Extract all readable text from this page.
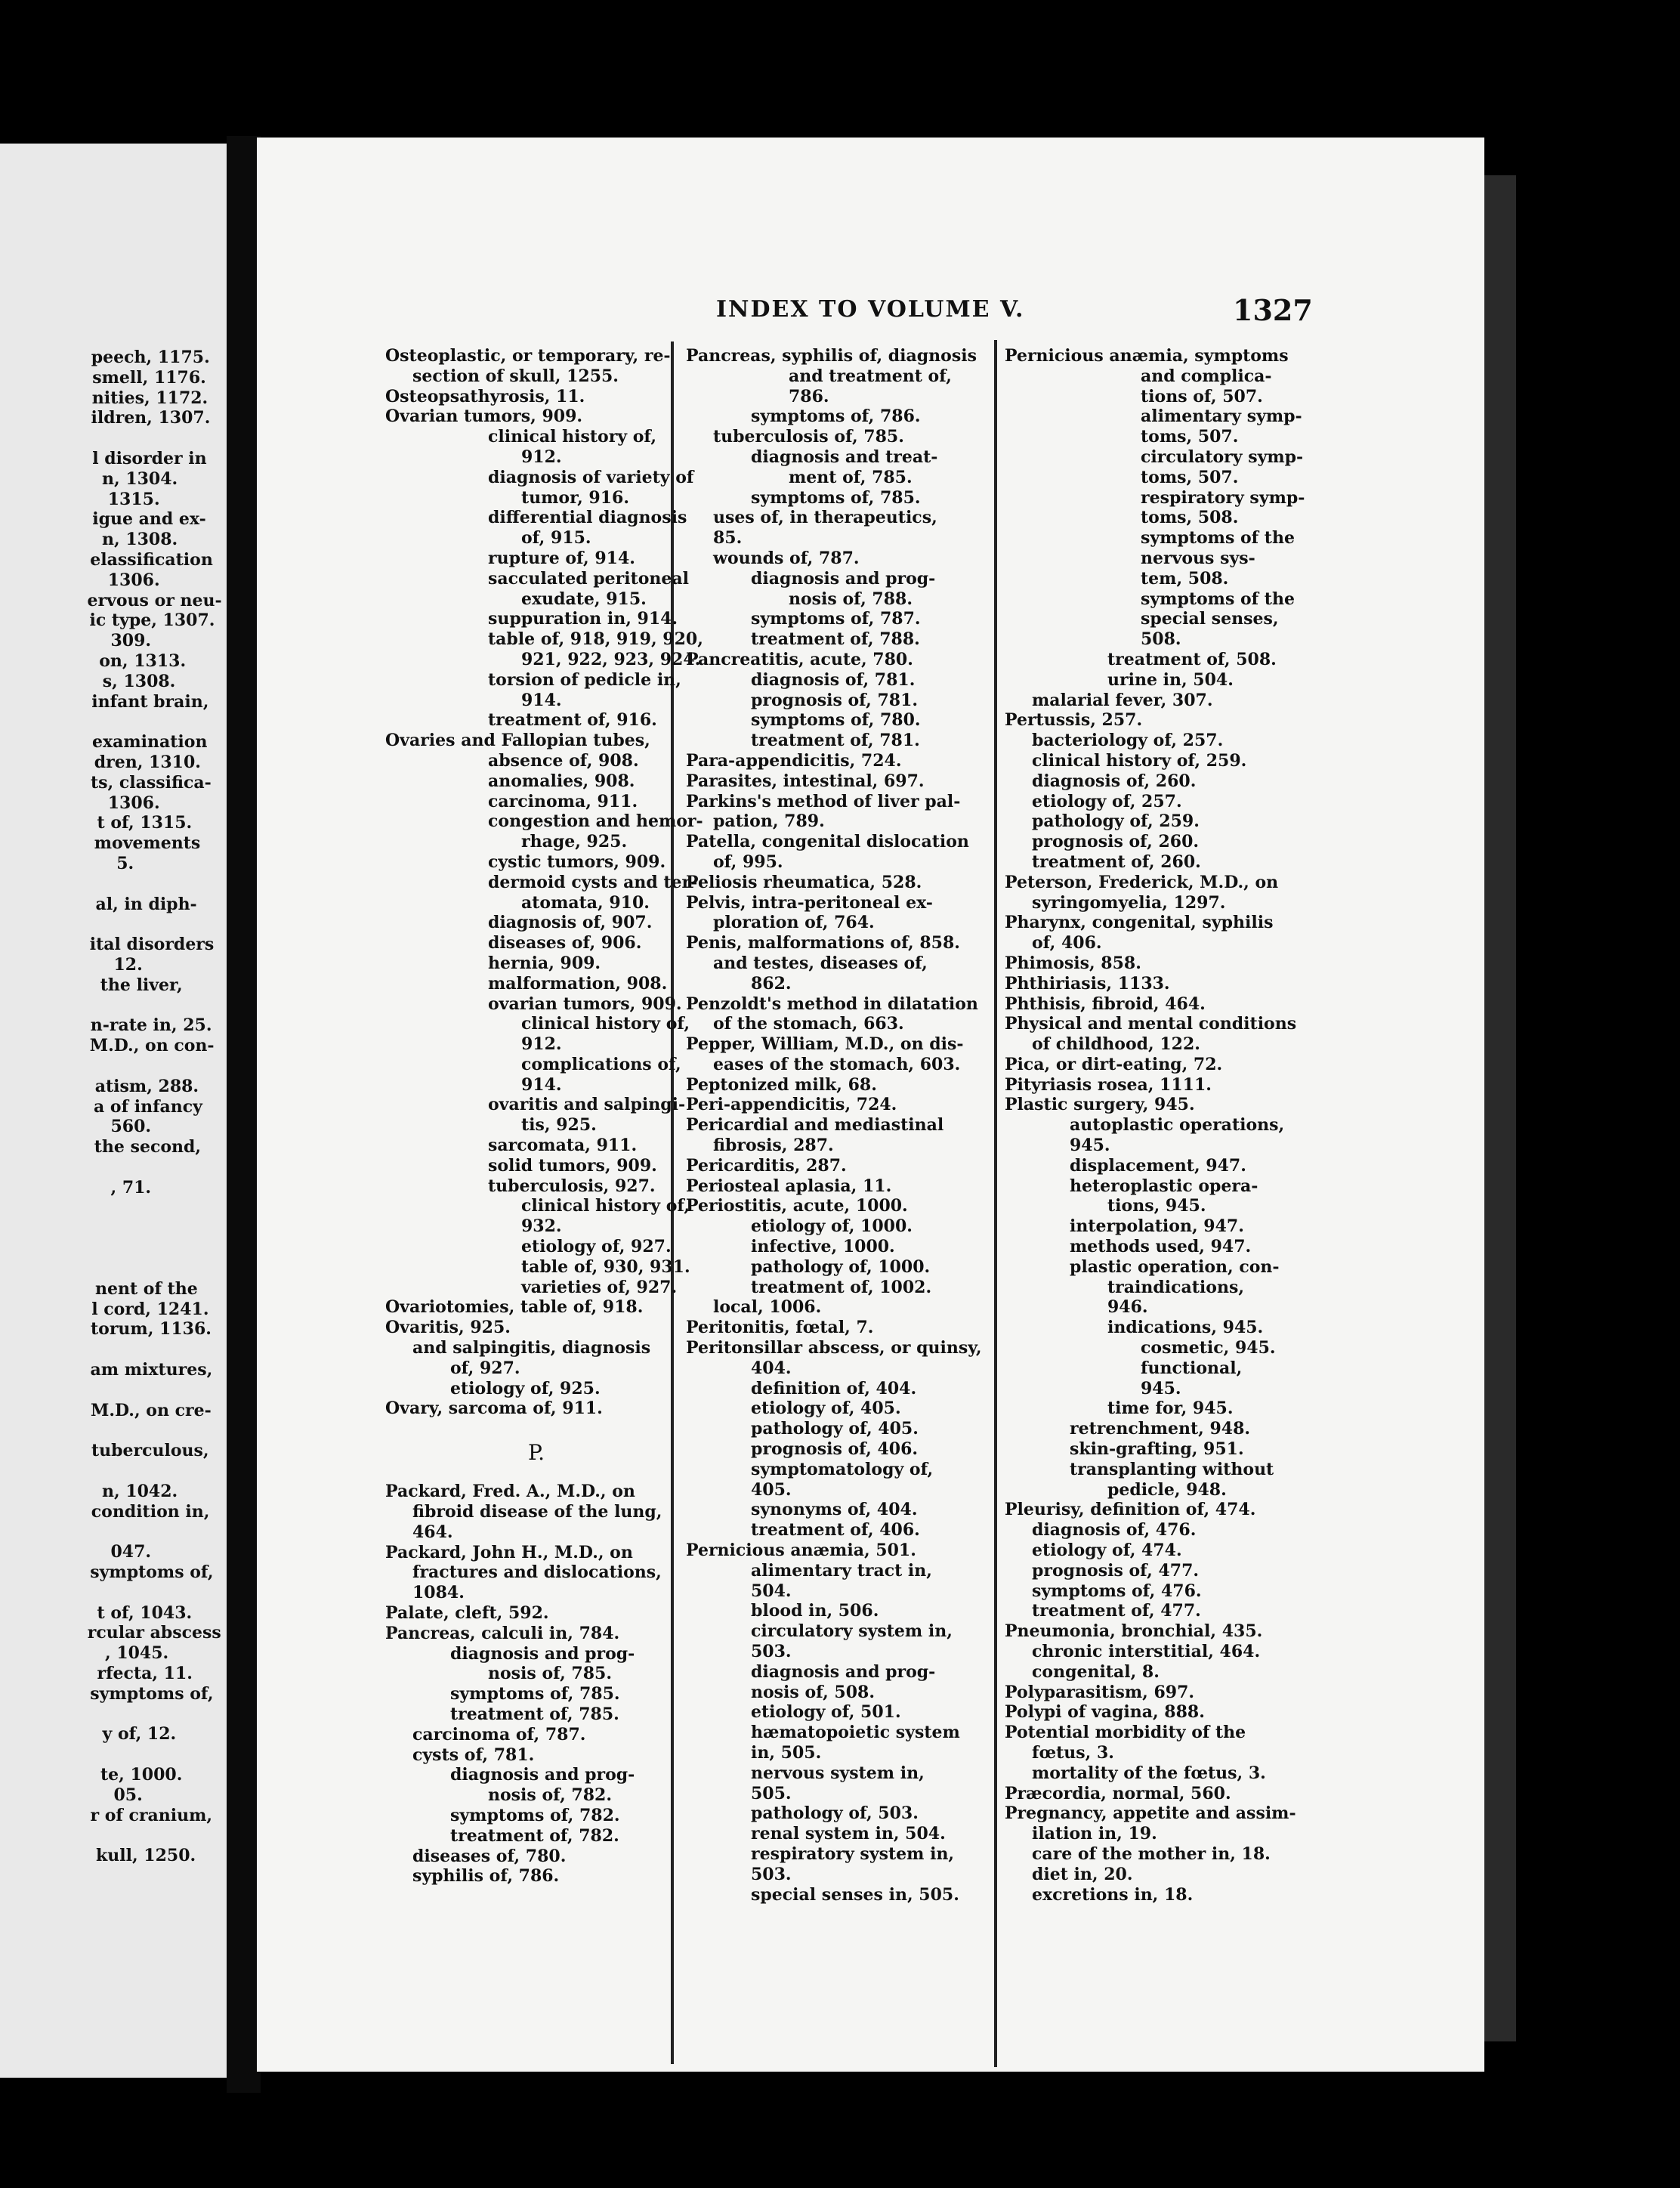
peech, 1175.
smell, 1176.
nities, 1172.
ildren, 1307.
l disorder in
n, 1304.
1315.
igue and ex-
n, 1308.
elassification
1306.
ervous or neu-
ic type, 1307.
309.
on, 1313.
s, 1308.
infant brain,
examination
dren, 1310.
ts, classifica-
1306.
t of, 1315.
movements
5.
al, in diph-
ital disorders
12.
the liver,
n-rate in, 25.
M.D., on con-
atism, 288.
a of infancy
560.
the second,
, 71.
nent of the
l cord, 1241.
torum, 1136.
am mixtures,
M.D., on cre-
tuberculous,
n, 1042.
condition in,
047.
symptoms of,
t of, 1043.
rcular abscess
, 1045.
rfecta, 11.
symptoms of,
y of, 12.
te, 1000.
05.
r of cranium,
kull, 1250.
INDEX TO VOLUME V.	1327
Osteoplastic, or temporary, re-
section of skull, 1255.
Osteopsathyrosis, 11.
Ovarian tumors, 909.
clinical history of,
912.
diagnosis of variety of
tumor, 916.
differential diagnosis
of, 915.
rupture of, 914.
sacculated peritoneal
exudate, 915.
suppuration in, 914.
table of, 918, 919, 920,
921, 922, 923, 924.
torsion of pedicle in,
914.
treatment of, 916.
Ovaries and Fallopian tubes,
absence of, 908.
anomalies, 908.
carcinoma, 911.
congestion and hemor-
rhage, 925.
cystic tumors, 909.
dermoid cysts and ter-
atomata, 910.
diagnosis of, 907.
diseases of, 906.
hernia, 909.
malformation, 908.
ovarian tumors, 909.
clinical history of,
912.
complications of,
914.
ovaritis and salpingi-
tis, 925.
sarcomata, 911.
solid tumors, 909.
tuberculosis, 927.
clinical history of,
932.
etiology of, 927.
table of, 930, 931.
varieties of, 927.
Ovariotomies, table of, 918.
Ovaritis, 925.
and salpingitis, diagnosis
of, 927.
etiology of, 925.
Ovary, sarcoma of, 911.
P.
Packard, Fred. A., M.D., on
fibroid disease of the lung,
464.
Packard, John H., M.D., on
fractures and dislocations,
1084.
Palate, cleft, 592.
Pancreas, calculi in, 784.
diagnosis and prog-
nosis of, 785.
symptoms of, 785.
treatment of, 785.
carcinoma of, 787.
cysts of, 781.
diagnosis and prog-
nosis of, 782.
symptoms of, 782.
treatment of, 782.
diseases of, 780.
syphilis of, 786.
Pancreas, syphilis of, diagnosis
and treatment of,
786.
symptoms of, 786.
tuberculosis of, 785.
diagnosis and treat-
ment of, 785.
symptoms of, 785.
uses of, in therapeutics,
85.
wounds of, 787.
diagnosis and prog-
nosis of, 788.
symptoms of, 787.
treatment of, 788.
Pancreatitis, acute, 780.
diagnosis of, 781.
prognosis of, 781.
symptoms of, 780.
treatment of, 781.
Para-appendicitis, 724.
Parasites, intestinal, 697.
Parkins's method of liver pal-
pation, 789.
Patella, congenital dislocation
of, 995.
Peliosis rheumatica, 528.
Pelvis, intra-peritoneal ex-
ploration of, 764.
Penis, malformations of, 858.
and testes, diseases of,
862.
Penzoldt's method in dilatation
of the stomach, 663.
Pepper, William, M.D., on dis-
eases of the stomach, 603.
Peptonized milk, 68.
Peri-appendicitis, 724.
Pericardial and mediastinal
fibrosis, 287.
Pericarditis, 287.
Periosteal aplasia, 11.
Periostitis, acute, 1000.
etiology of, 1000.
infective, 1000.
pathology of, 1000.
treatment of, 1002.
local, 1006.
Peritonitis, fœtal, 7.
Peritonsillar abscess, or quinsy,
404.
definition of, 404.
etiology of, 405.
pathology of, 405.
prognosis of, 406.
symptomatology of,
405.
synonyms of, 404.
treatment of, 406.
Pernicious anæmia, 501.
alimentary tract in,
504.
blood in, 506.
circulatory system in,
503.
diagnosis and prog-
nosis of, 508.
etiology of, 501.
hæmatopoietic system
in, 505.
nervous system in,
505.
pathology of, 503.
renal system in, 504.
respiratory system in,
503.
special senses in, 505.
Pernicious anæmia, symptoms
and complica-
tions of, 507.
alimentary symp-
toms, 507.
circulatory symp-
toms, 507.
respiratory symp-
toms, 508.
symptoms of the
nervous sys-
tem, 508.
symptoms of the
special senses,
508.
treatment of, 508.
urine in, 504.
malarial fever, 307.
Pertussis, 257.
bacteriology of, 257.
clinical history of, 259.
diagnosis of, 260.
etiology of, 257.
pathology of, 259.
prognosis of, 260.
treatment of, 260.
Peterson, Frederick, M.D., on
syringomyelia, 1297.
Pharynx, congenital, syphilis
of, 406.
Phimosis, 858.
Phthiriasis, 1133.
Phthisis, fibroid, 464.
Physical and mental conditions
of childhood, 122.
Pica, or dirt-eating, 72.
Pityriasis rosea, 1111.
Plastic surgery, 945.
autoplastic operations,
945.
displacement, 947.
heteroplastic opera-
tions, 945.
interpolation, 947.
methods used, 947.
plastic operation, con-
traindications,
946.
indications, 945.
cosmetic, 945.
functional,
945.
time for, 945.
retrenchment, 948.
skin-grafting, 951.
transplanting without
pedicle, 948.
Pleurisy, definition of, 474.
diagnosis of, 476.
etiology of, 474.
prognosis of, 477.
symptoms of, 476.
treatment of, 477.
Pneumonia, bronchial, 435.
chronic interstitial, 464.
congenital, 8.
Polyparasitism, 697.
Polypi of vagina, 888.
Potential morbidity of the
fœtus, 3.
mortality of the fœtus, 3.
Præcordia, normal, 560.
Pregnancy, appetite and assim-
ilation in, 19.
care of the mother in, 18.
diet in, 20.
excretions in, 18.
